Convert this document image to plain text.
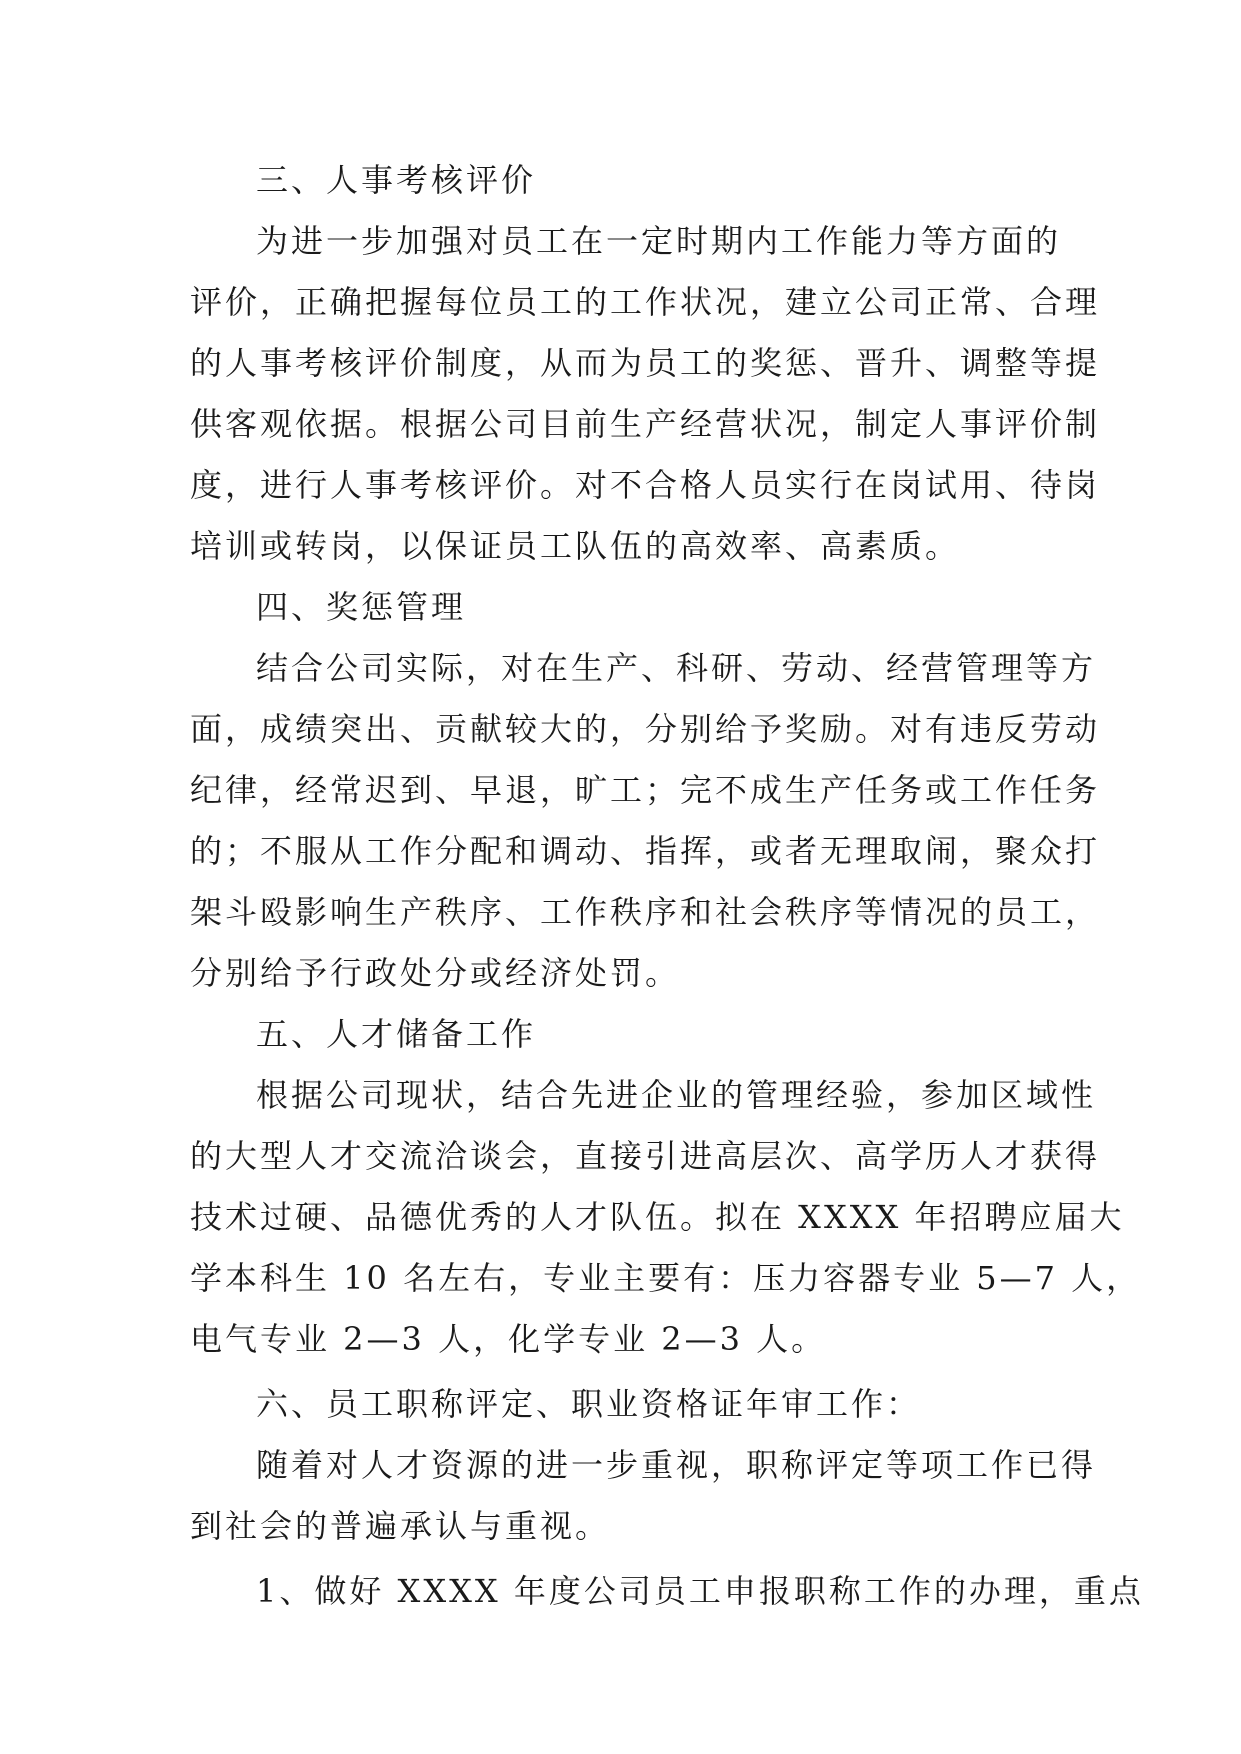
三、人事考核评价
为进一步加强对员工在一定时期内工作能力等方面的
评价，正确把握每位员工的工作状况，建立公司正常、合理
的人事考核评价制度，从而为员工的奖惩、晋升、调整等提
供客观依据。根据公司目前生产经营状况，制定人事评价制
度，进行人事考核评价。对不合格人员实行在岗试用、待岗
培训或转岗，以保证员工队伍的高效率、高素质。
四、奖惩管理
结合公司实际，对在生产、科研、劳动、经营管理等方
面，成绩突出、贡献较大的，分别给予奖励。对有违反劳动
纪律，经常迟到、早退，旷工；完不成生产任务或工作任务
的；不服从工作分配和调动、指挥，或者无理取闹，聚众打
架斗殴影响生产秩序、工作秩序和社会秩序等情况的员工，
分别给予行政处分或经济处罚。
五、人才储备工作
根据公司现状，结合先进企业的管理经验，参加区域性
的大型人才交流洽谈会，直接引进高层次、高学历人才获得
技术过硬、品德优秀的人才队伍。拟在 XXXX 年招聘应届大
学本科生 10 名左右，专业主要有：压力容器专业 5—7 人，
电气专业 2—3 人，化学专业 2—3 人。
六、员工职称评定、职业资格证年审工作：
随着对人才资源的进一步重视，职称评定等项工作已得
到社会的普遍承认与重视。
1、做好 XXXX 年度公司员工申报职称工作的办理，重点
